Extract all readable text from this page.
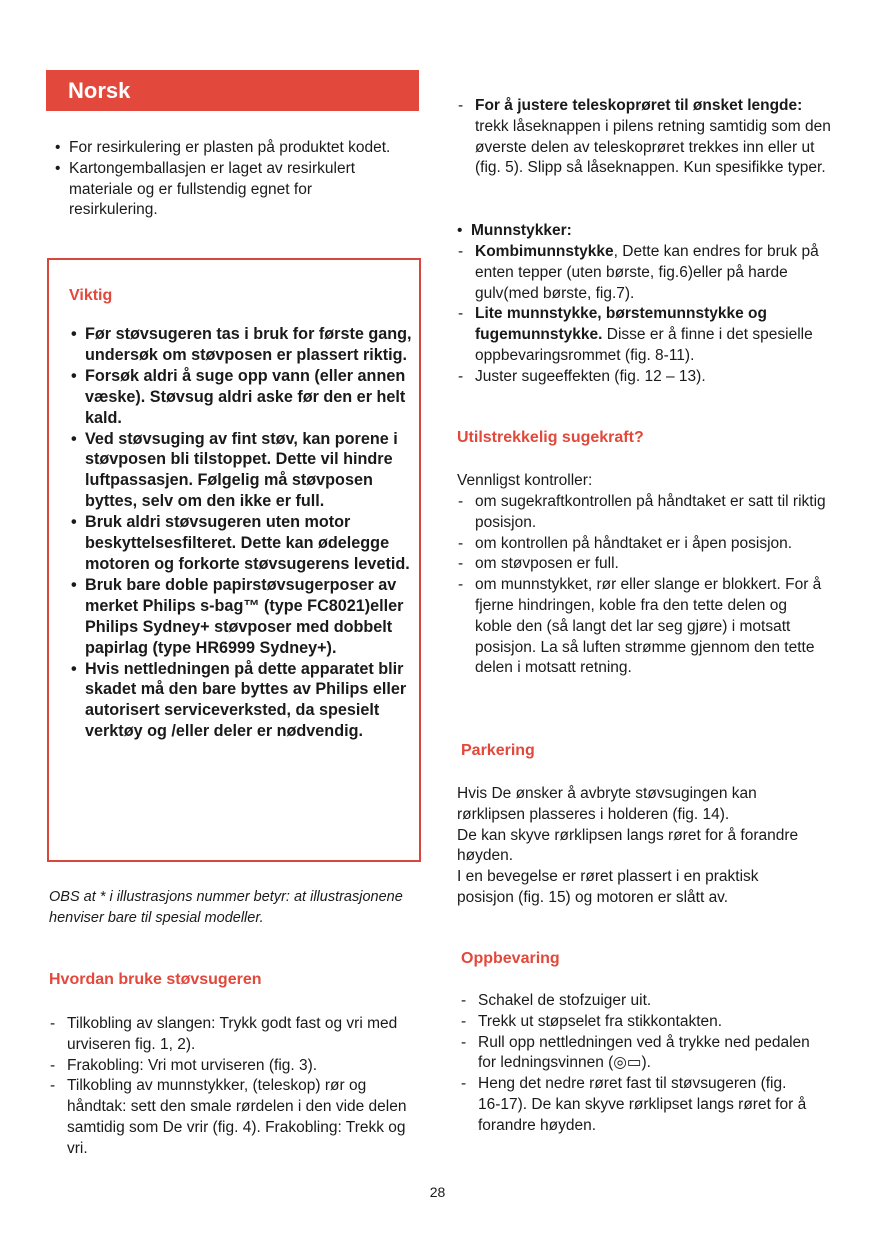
Norsk
• For resirkulering er plasten på produktet kodet.
• Kartongemballasjen er laget av resirkulert materiale og er fullstendig egnet for resirkulering.
Viktig
• Før støvsugeren tas i bruk for første gang, undersøk om støvposen er plassert riktig.
• Forsøk aldri å suge opp vann (eller annen væske). Støvsug aldri aske før den er helt kald.
• Ved støvsuging av fint støv, kan porene i støvposen bli tilstoppet. Dette vil hindre luftpassasjen. Følgelig må støvposen byttes, selv om den ikke er full.
• Bruk aldri støvsugeren uten motor beskyttelsesfilteret. Dette kan ødelegge motoren og forkorte støvsugerens levetid.
• Bruk bare doble papirstøvsugerposer av merket Philips s-bag™ (type FC8021)eller Philips Sydney+ støvposer med dobbelt papirlag (type HR6999 Sydney+).
• Hvis nettledningen på dette apparatet blir skadet må den bare byttes av Philips eller autorisert serviceverksted, da spesielt verktøy og /eller deler er nødvendig.
OBS at * i illustrasjons nummer betyr: at illustrasjonene henviser bare til spesial modeller.
Hvordan bruke støvsugeren
- Tilkobling av slangen: Trykk godt fast og vri med urviseren fig. 1, 2).
- Frakobling: Vri mot urviseren (fig. 3).
- Tilkobling av munnstykker, (teleskop) rør og håndtak: sett den smale rørdelen i den vide delen samtidig som De vrir (fig. 4). Frakobling: Trekk og vri.
- For å justere teleskoprøret til ønsket lengde: trekk låseknappen i pilens retning samtidig som den øverste delen av teleskoprøret trekkes inn eller ut (fig. 5). Slipp så låseknappen. Kun spesifikke typer.
• Munnstykker:
- Kombimunnstykke, Dette kan endres for bruk på enten tepper (uten børste, fig.6)eller på harde gulv(med børste, fig.7).
- Lite munnstykke, børstemunnstykke og fugemunnstykke. Disse er å finne i det spesielle oppbevaringsrommet (fig. 8-11).
- Juster sugeeffekten (fig. 12 – 13).
Utilstrekkelig sugekraft?
Vennligst kontroller:
- om sugekraftkontrollen på håndtaket er satt til riktig posisjon.
- om kontrollen på håndtaket er i åpen posisjon.
- om støvposen er full.
- om munnstykket, rør eller slange er blokkert. For å fjerne hindringen, koble fra den tette delen og koble den (så langt det lar seg gjøre) i motsatt posisjon. La så luften strømme gjennom den tette delen i motsatt retning.
Parkering
Hvis De ønsker å avbryte støvsugingen kan rørklipsen plasseres i holderen (fig. 14).
De kan skyve rørklipsen langs røret for å forandre høyden.
I en bevegelse er røret plassert i en praktisk posisjon (fig. 15) og motoren er slått av.
Oppbevaring
- Schakel de stofzuiger uit.
- Trekk ut støpselet fra stikkontakten.
- Rull opp nettledningen ved å trykke ned pedalen for ledningsvinnen (◎▭).
- Heng det nedre røret fast til støvsugeren (fig. 16-17). De kan skyve rørklipset langs røret for å forandre høyden.
28
